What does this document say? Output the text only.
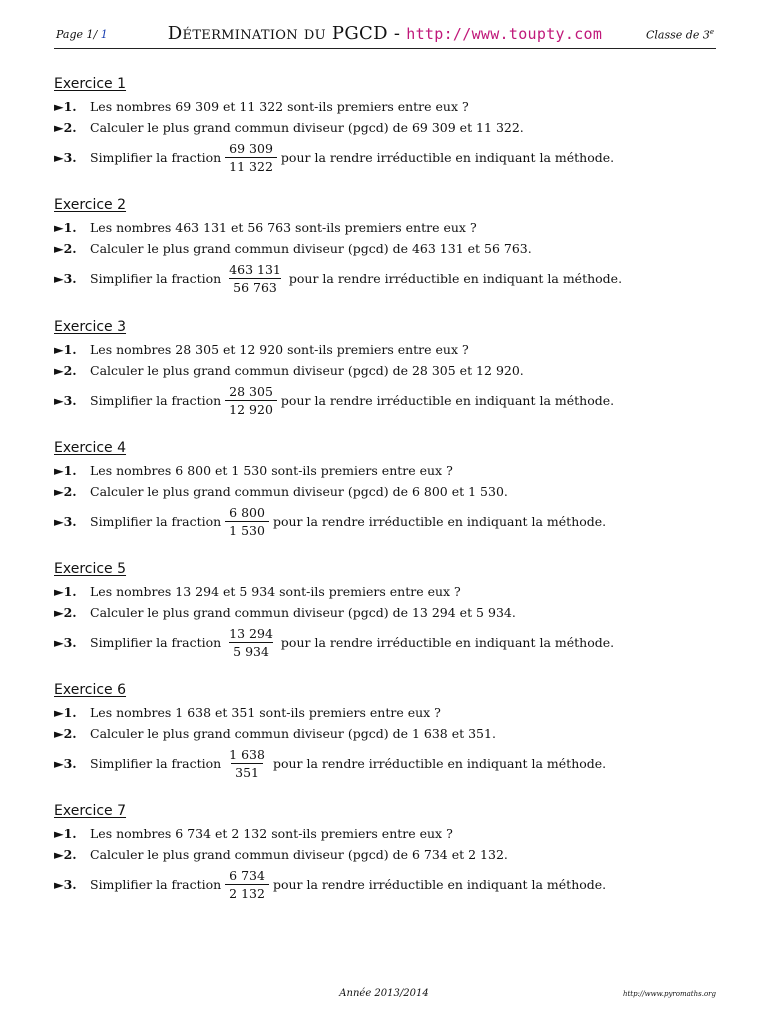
Page 1/ 1	Détermination du PGCD - http://www.toupty.com	Classe de 3e
Exercice 1
►1. Les nombres 69 309 et 11 322 sont-ils premiers entre eux ?
►2. Calculer le plus grand commun diviseur (pgcd) de 69 309 et 11 322.
►3.	Simplifier la fraction $\frac{69 309}{11 322}$ pour la rendre irréductible en indiquant la méthode.
Exercice 2
►1. Les nombres 463 131 et 56 763 sont-ils premiers entre eux ?
►2. Calculer le plus grand commun diviseur (pgcd) de 463 131 et 56 763.
►3.	Simplifier la fraction $\frac{463 131}{56 763}$ pour la rendre irréductible en indiquant la méthode.
Exercice 3
►1. Les nombres 28 305 et 12 920 sont-ils premiers entre eux ?
►2. Calculer le plus grand commun diviseur (pgcd) de 28 305 et 12 920.
►3.	Simplifier la fraction $\frac{28 305}{12 920}$ pour la rendre irréductible en indiquant la méthode.
Exercice 4
►1. Les nombres 6 800 et 1 530 sont-ils premiers entre eux ?
►2. Calculer le plus grand commun diviseur (pgcd) de 6 800 et 1 530.
►3.	Simplifier la fraction $\frac{6 800}{1 530}$ pour la rendre irréductible en indiquant la méthode.
Exercice 5
►1. Les nombres 13 294 et 5 934 sont-ils premiers entre eux ?
►2. Calculer le plus grand commun diviseur (pgcd) de 13 294 et 5 934.
►3.	Simplifier la fraction $\frac{13 294}{5 934}$ pour la rendre irréductible en indiquant la méthode.
Exercice 6
►1. Les nombres 1 638 et 351 sont-ils premiers entre eux ?
►2. Calculer le plus grand commun diviseur (pgcd) de 1 638 et 351.
►3.	Simplifier la fraction $\frac{1 638}{351}$ pour la rendre irréductible en indiquant la méthode.
Exercice 7
►1. Les nombres 6 734 et 2 132 sont-ils premiers entre eux ?
►2. Calculer le plus grand commun diviseur (pgcd) de 6 734 et 2 132.
►3.	Simplifier la fraction $\frac{6 734}{2 132}$ pour la rendre irréductible en indiquant la méthode.
Année 2013/2014	http://www.pyromaths.org
